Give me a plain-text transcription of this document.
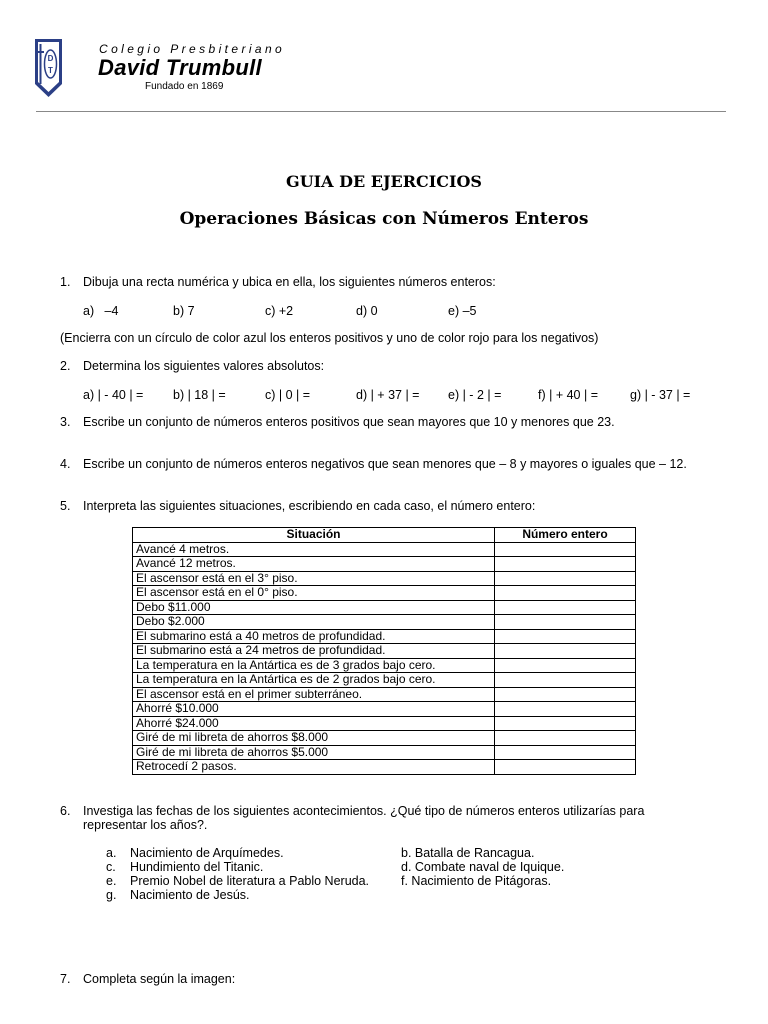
D
T
Colegio Presbiteriano
David Trumbull
Fundado en 1869
GUIA DE EJERCICIOS
Operaciones Básicas con Números Enteros
1. Dibuja una recta numérica y ubica en ella, los siguientes números enteros:
a)   –4	b) 7	c) +2	d) 0	e) –5
(Encierra con un círculo de color azul los enteros positivos y uno de color rojo para los negativos)
2. Determina los siguientes valores absolutos:
a) | - 40 | = b) | 18 | =	c) | 0 | =	d) | + 37 | = e) | - 2 | =	f) | + 40 | =	g) | - 37 | =
3. Escribe un conjunto de números enteros positivos que sean mayores que 10 y menores que 23.
4. Escribe un conjunto de números enteros negativos que sean menores que – 8 y mayores o iguales que – 12.
5. Interpreta las siguientes situaciones, escribiendo en cada caso, el número entero:
Situación	Número entero
Avancé 4 metros.	
Avancé 12 metros.	
El ascensor está en el 3° piso.	
El ascensor está en el 0° piso.	
Debo $11.000	
Debo $2.000	
El submarino está a 40 metros de profundidad.	
El submarino está a 24 metros de profundidad.	
La temperatura en la Antártica es de 3 grados bajo cero.	
La temperatura en la Antártica es de 2 grados bajo cero.	
El ascensor está en el primer subterráneo.	
Ahorré $10.000	
Ahorré $24.000	
Giré de mi libreta de ahorros $8.000	
Giré de mi libreta de ahorros $5.000	
Retrocedí 2 pasos.	
6. Investiga las fechas de los siguientes acontecimientos. ¿Qué tipo de números enteros utilizarías para
representar los años?.
a. Nacimiento de Arquímedes.
c. Hundimiento del Titanic.
e. Premio Nobel de literatura a Pablo Neruda.
g. Nacimiento de Jesús.
b. Batalla de Rancagua.
d. Combate naval de Iquique.
f. Nacimiento de Pitágoras.
7. Completa según la imagen:
